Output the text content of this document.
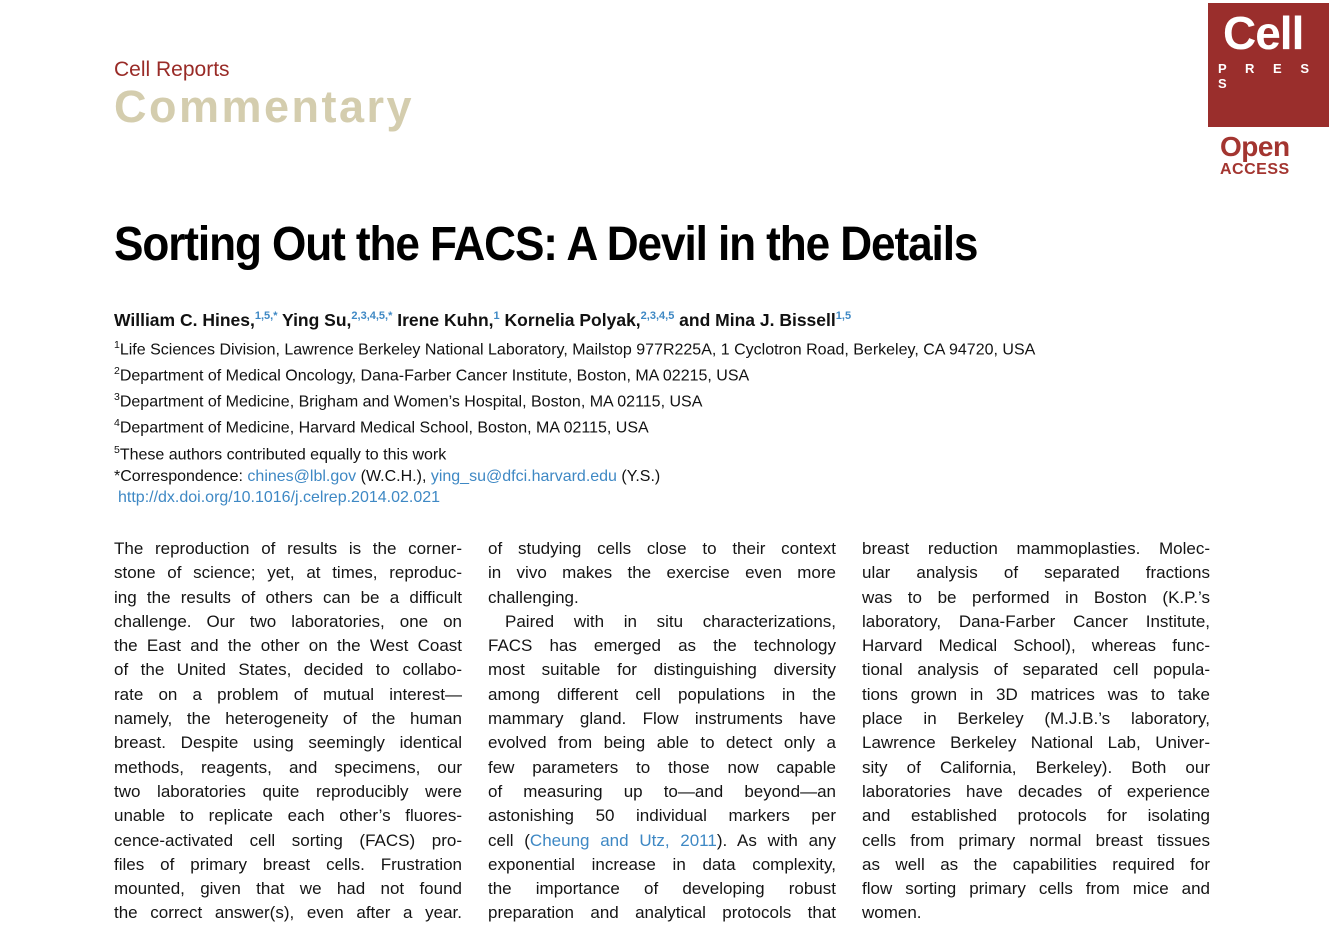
Cell Reports
Commentary
Cell
P R E S S
Open
ACCESS
Sorting Out the FACS: A Devil in the Details
William C. Hines,$^{1,5,*}$ Ying Su,$^{2,3,4,5,*}$ Irene Kuhn,$^1$ Kornelia Polyak,$^{2,3,4,5}$ and Mina J. Bissell$^{1,5}$
$^1$Life Sciences Division, Lawrence Berkeley National Laboratory, Mailstop 977R225A, 1 Cyclotron Road, Berkeley, CA 94720, USA
$^2$Department of Medical Oncology, Dana-Farber Cancer Institute, Boston, MA 02215, USA
$^3$Department of Medicine, Brigham and Women’s Hospital, Boston, MA 02115, USA
$^4$Department of Medicine, Harvard Medical School, Boston, MA 02115, USA
$^5$These authors contributed equally to this work
*Correspondence: chines@lbl.gov (W.C.H.), ying_su@dfci.harvard.edu (Y.S.)
http://dx.doi.org/10.1016/j.celrep.2014.02.021
The reproduction of results is the corner-
stone of science; yet, at times, reproduc-
ing the results of others can be a difficult
challenge. Our two laboratories, one on
the East and the other on the West Coast
of the United States, decided to collabo-
rate on a problem of mutual interest—
namely, the heterogeneity of the human
breast. Despite using seemingly identical
methods, reagents, and specimens, our
two laboratories quite reproducibly were
unable to replicate each other’s fluores-
cence-activated cell sorting (FACS) pro-
files of primary breast cells. Frustration
mounted, given that we had not found
the correct answer(s), even after a year.
of studying cells close to their context
in vivo makes the exercise even more
challenging.
Paired with in situ characterizations,
FACS has emerged as the technology
most suitable for distinguishing diversity
among different cell populations in the
mammary gland. Flow instruments have
evolved from being able to detect only a
few parameters to those now capable
of measuring up to—and beyond—an
astonishing 50 individual markers per
cell (Cheung and Utz, 2011). As with any
exponential increase in data complexity,
the importance of developing robust
preparation and analytical protocols that
breast reduction mammoplasties. Molec-
ular analysis of separated fractions
was to be performed in Boston (K.P.’s
laboratory, Dana-Farber Cancer Institute,
Harvard Medical School), whereas func-
tional analysis of separated cell popula-
tions grown in 3D matrices was to take
place in Berkeley (M.J.B.’s laboratory,
Lawrence Berkeley National Lab, Univer-
sity of California, Berkeley). Both our
laboratories have decades of experience
and established protocols for isolating
cells from primary normal breast tissues
as well as the capabilities required for
flow sorting primary cells from mice and
women.
